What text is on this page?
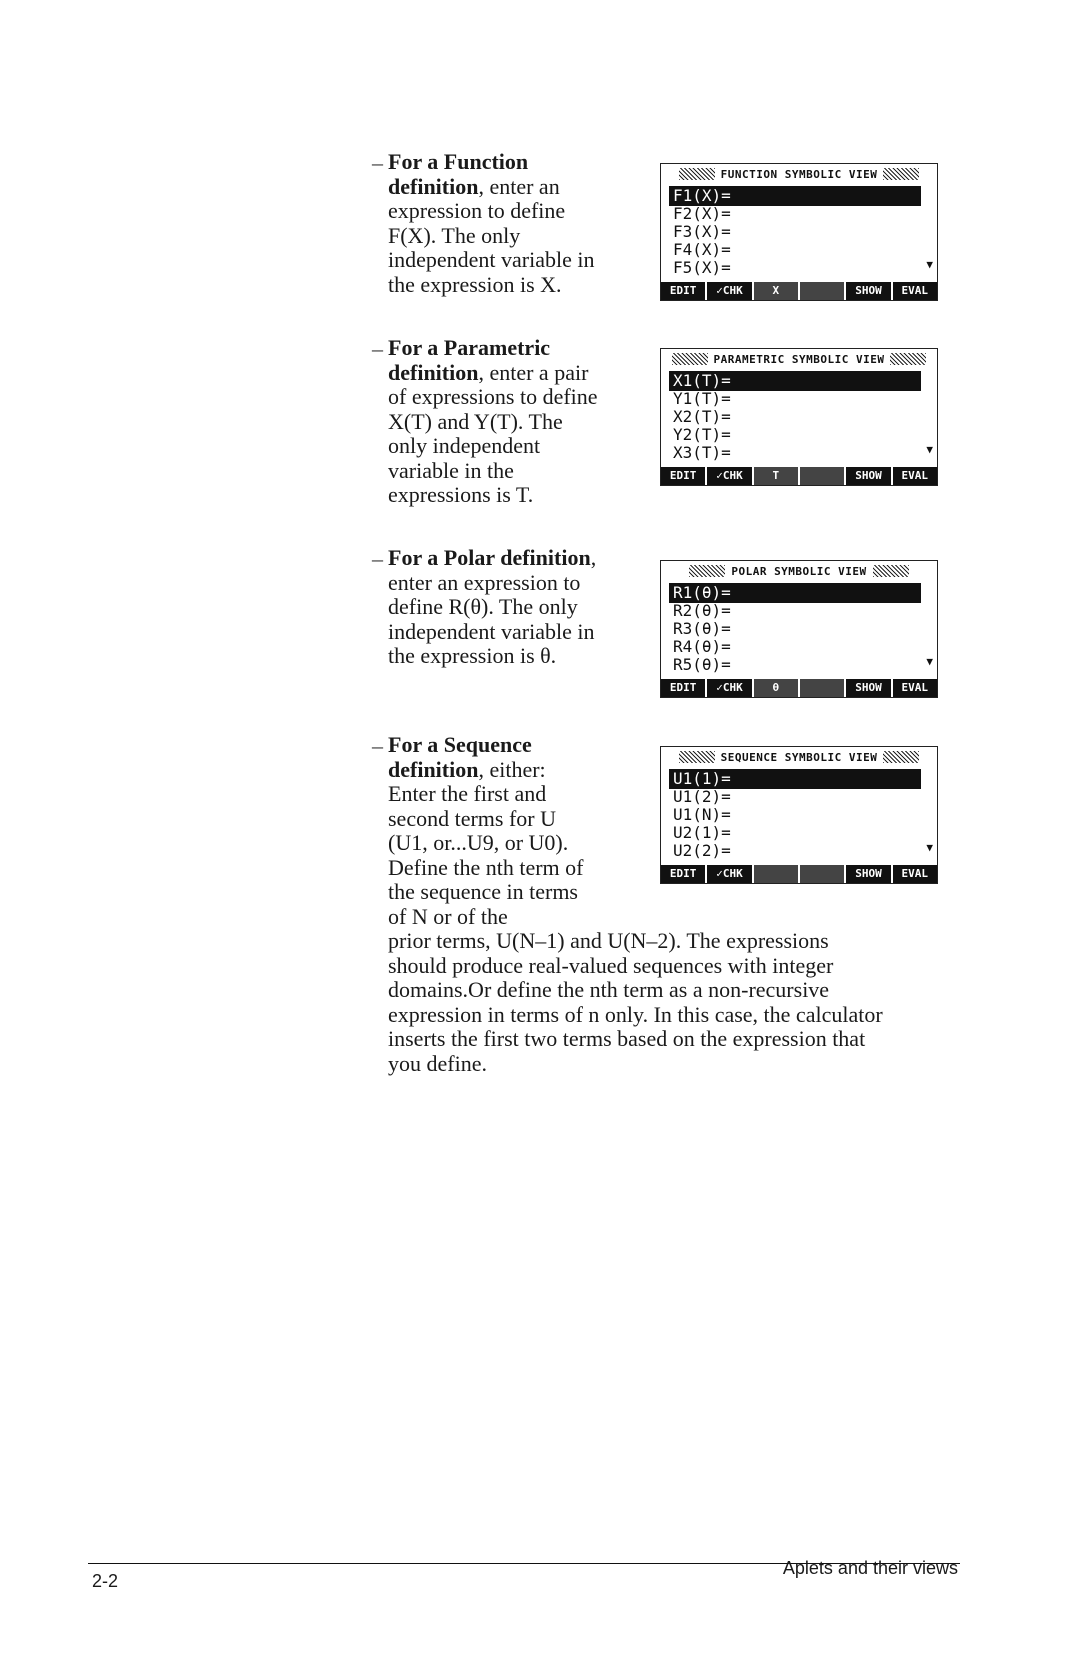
– For a Function definition, enter an expression to define F(X). The only independent variable in the expression is X.
– For a Parametric definition, enter a pair of expressions to define X(T) and Y(T). The only independent variable in the expressions is T.
– For a Polar definition, enter an expression to define R(θ). The only independent variable in the expression is θ.
– For a Sequence definition, either: Enter the first and second terms for U (U1, or...U9, or U0). Define the nth term of the sequence in terms of N or of the
prior terms, U(N–1) and U(N–2). The expressions should produce real-valued sequences with integer domains.Or define the nth term as a non-recursive expression in terms of n only. In this case, the calculator inserts the first two terms based on the expression that you define.
FUNCTION SYMBOLIC VIEW
F1(X)=
F2(X)=
F3(X)=
F4(X)=
F5(X)=	▼
EDIT	✓CHK	X	SHOW	EVAL
PARAMETRIC SYMBOLIC VIEW
X1(T)=
Y1(T)=
X2(T)=
Y2(T)=
X3(T)=	▼
EDIT	✓CHK	T	SHOW	EVAL
POLAR SYMBOLIC VIEW
R1(θ)=
R2(θ)=
R3(θ)=
R4(θ)=
R5(θ)=	▼
EDIT	✓CHK	θ	SHOW	EVAL
SEQUENCE SYMBOLIC VIEW
U1(1)=
U1(2)=
U1(N)=
U2(1)=
U2(2)=	▼
EDIT	✓CHK	SHOW	EVAL
2-2
Aplets and their views
